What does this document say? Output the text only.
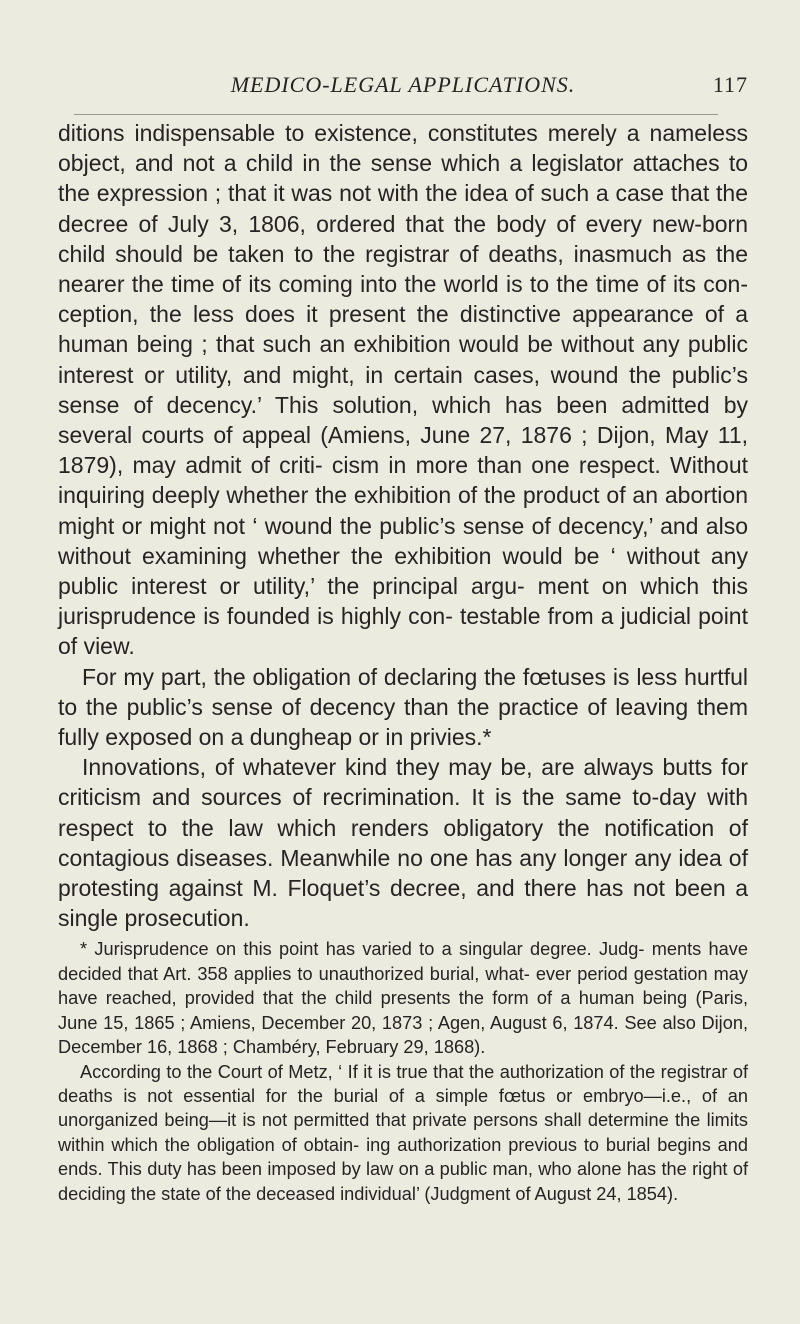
MEDICO-LEGAL APPLICATIONS.	117

ditions indispensable to existence, constitutes merely a nameless object, and not a child in the sense which a legislator attaches to the expression ; that it was not with the idea of such a case that the decree of July 3, 1806, ordered that the body of every new-born child should be taken to the registrar of deaths, inasmuch as the nearer the time of its coming into the world is to the time of its con- ception, the less does it present the distinctive appearance of a human being ; that such an exhibition would be without any public interest or utility, and might, in certain cases, wound the public’s sense of decency.’ This solution, which has been admitted by several courts of appeal (Amiens, June 27, 1876 ; Dijon, May 11, 1879), may admit of criti- cism in more than one respect. Without inquiring deeply whether the exhibition of the product of an abortion might or might not ‘ wound the public’s sense of decency,’ and also without examining whether the exhibition would be ‘ without any public interest or utility,’ the principal argu- ment on which this jurisprudence is founded is highly con- testable from a judicial point of view.

For my part, the obligation of declaring the fœtuses is less hurtful to the public’s sense of decency than the practice of leaving them fully exposed on a dungheap or in privies.*

Innovations, of whatever kind they may be, are always butts for criticism and sources of recrimination. It is the same to-day with respect to the law which renders obligatory the notification of contagious diseases. Meanwhile no one has any longer any idea of protesting against M. Floquet’s decree, and there has not been a single prosecution.

* Jurisprudence on this point has varied to a singular degree. Judg- ments have decided that Art. 358 applies to unauthorized burial, what- ever period gestation may have reached, provided that the child presents the form of a human being (Paris, June 15, 1865 ; Amiens, December 20, 1873 ; Agen, August 6, 1874. See also Dijon, December 16, 1868 ; Chambéry, February 29, 1868).

According to the Court of Metz, ‘ If it is true that the authorization of the registrar of deaths is not essential for the burial of a simple fœtus or embryo—i.e., of an unorganized being—it is not permitted that private persons shall determine the limits within which the obligation of obtain- ing authorization previous to burial begins and ends. This duty has been imposed by law on a public man, who alone has the right of deciding the state of the deceased individual’ (Judgment of August 24, 1854).
